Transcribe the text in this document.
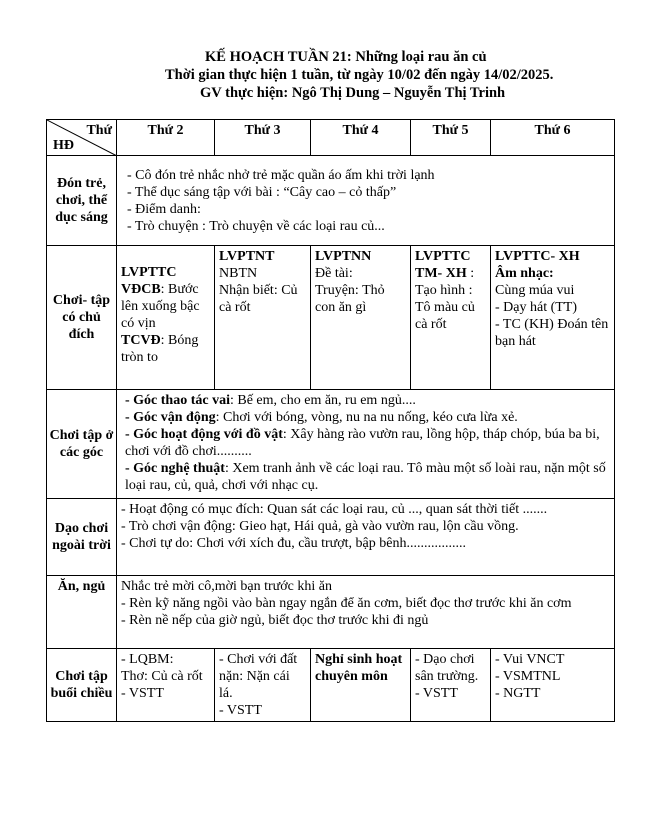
KẾ HOẠCH TUẦN 21: Những loại rau ăn củ
Thời gian thực hiện 1 tuần, từ ngày 10/02 đến ngày 14/02/2025.
GV thực hiện: Ngô Thị Dung – Nguyễn Thị Trinh
Thứ
HĐ	Thứ 2	Thứ 3	Thứ 4	Thứ 5	Thứ 6
Đón trẻ, chơi, thể dục sáng	- Cô đón trẻ nhắc nhở trẻ mặc quần áo ấm khi trời lạnh
- Thể dục sáng tập với bài : “Cây cao – cỏ thấp”
- Điểm danh:
- Trò chuyện : Trò chuyện về các loại rau củ...				

Chơi- tập có chủ đích	LVPTTC VĐCB: Bước lên xuống bậc có vịn
TCVĐ: Bóng tròn to	LVPTNT
NBTN
Nhận biết: Củ cà rốt	LVPTNN
Đề tài:
Truyện: Thỏ con ăn gì	LVPTTC TM- XH : Tạo hình : Tô màu củ cà rốt	LVPTTC- XH
Âm nhạc:
Cùng múa vui
- Dạy hát (TT)
- TC (KH) Đoán tên bạn hát

Chơi tập ở các góc	- Góc thao tác vai: Bế em, cho em ăn, ru em ngủ....
- Góc vận động: Chơi với bóng, vòng, nu na nu nống, kéo cưa lừa xẻ.
- Góc hoạt động với đồ vật: Xây hàng rào vườn rau, lồng hộp, tháp chóp, búa ba bi, chơi với đồ chơi..........
- Góc nghệ thuật: Xem tranh ảnh về các loại rau. Tô màu một số loài rau, nặn một số loại rau, củ, quả, chơi với nhạc cụ.				

Dạo chơi ngoài trời	- Hoạt động có mục đích: Quan sát các loại rau, củ ..., quan sát thời tiết .......
- Trò chơi vận động: Gieo hạt, Hái quả, gà vào vườn rau, lộn cầu vồng.
- Chơi tự do: Chơi với xích đu, cầu trượt, bập bênh.................				

Ăn, ngủ	Nhắc trẻ mời cô,mời bạn trước khi ăn
- Rèn kỹ năng ngồi vào bàn ngay ngắn để ăn cơm, biết đọc thơ trước khi ăn cơm
- Rèn nề nếp của giờ ngủ, biết đọc thơ trước khi đi ngủ				

Chơi tập buổi chiều	- LQBM:
Thơ: Củ cà rốt
- VSTT	- Chơi với đất nặn: Nặn cái lá.
- VSTT	Nghỉ sinh hoạt chuyên môn	- Dạo chơi sân trường.
- VSTT	- Vui VNCT
- VSMTNL
- NGTT
